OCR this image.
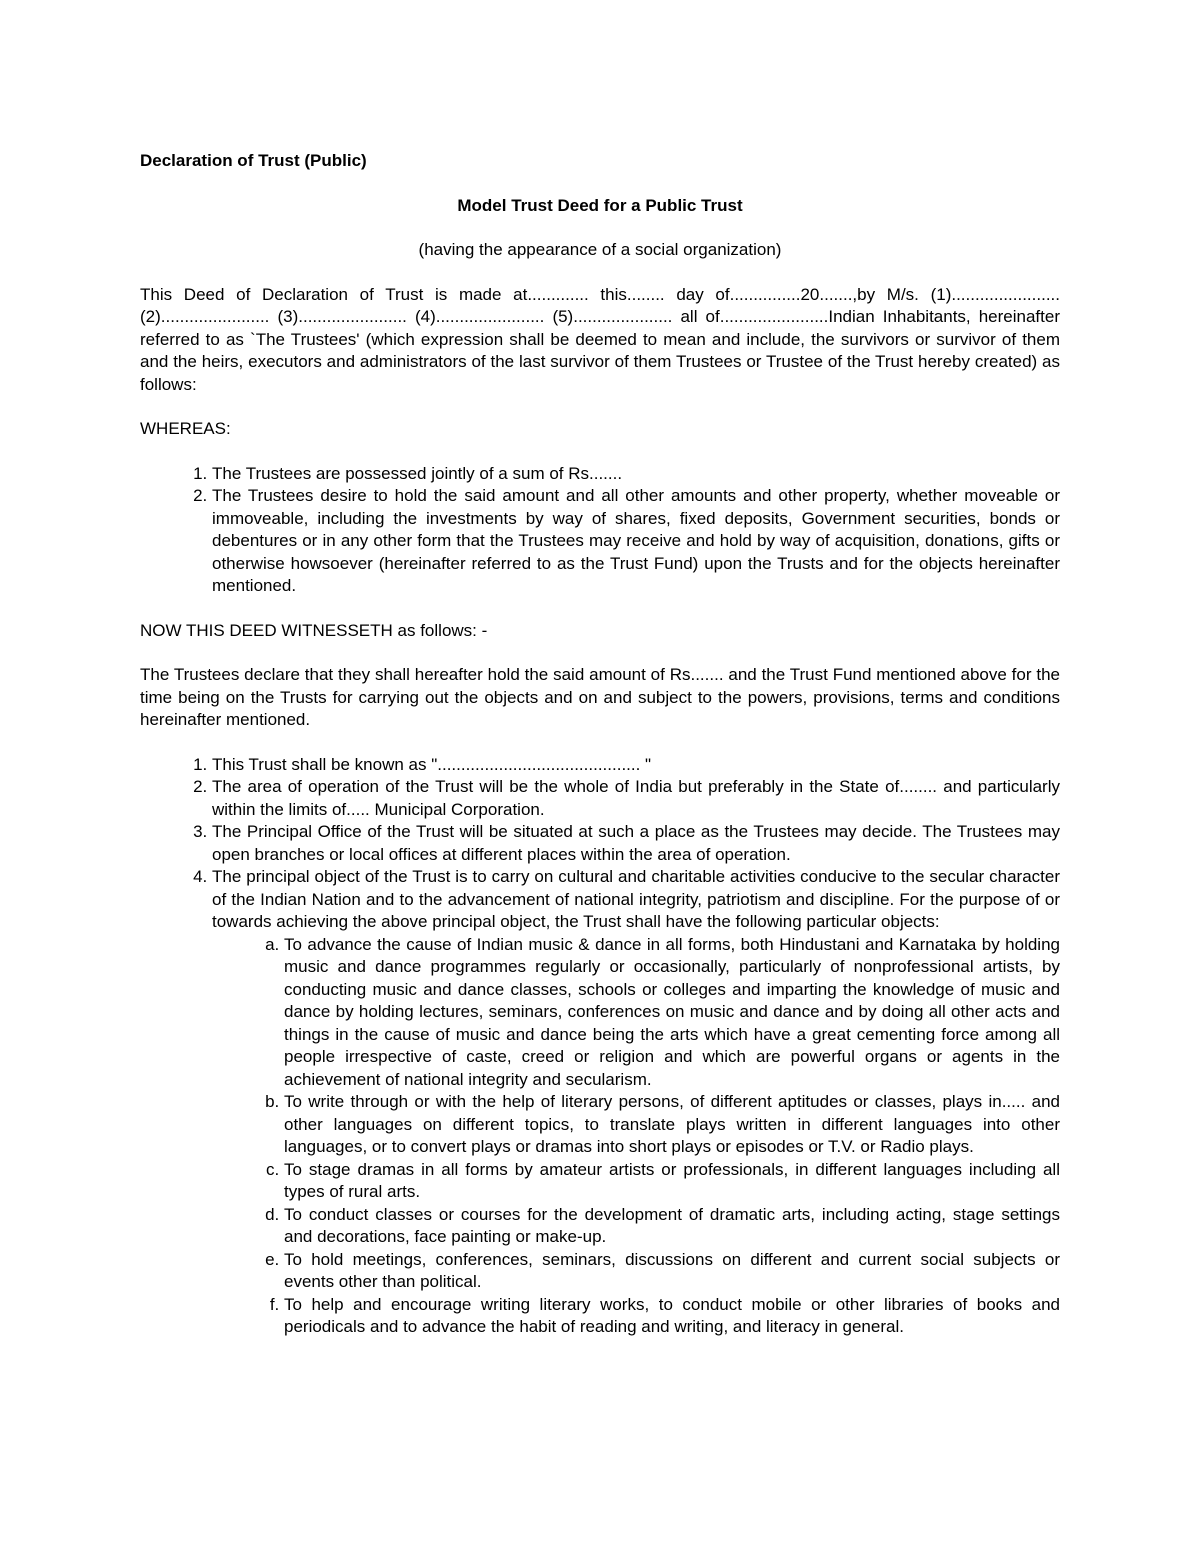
Declaration of Trust (Public)
Model Trust Deed for a Public Trust
(having the appearance of a social organization)

This Deed of Declaration of Trust is made at............. this........ day of...............20.......,by M/s. (1).......................(2)....................... (3)....................... (4)....................... (5)..................... all of.......................Indian Inhabitants, hereinafter referred to as `The Trustees' (which expression shall be deemed to mean and include, the survivors or survivor of them and the heirs, executors and administrators of the last survivor of them Trustees or Trustee of the Trust hereby created) as follows:

WHEREAS:
1. The Trustees are possessed jointly of a sum of Rs.......
2. The Trustees desire to hold the said amount and all other amounts and other property, whether moveable or immoveable, including the investments by way of shares, fixed deposits, Government securities, bonds or debentures or in any other form that the Trustees may receive and hold by way of acquisition, donations, gifts or otherwise howsoever (hereinafter referred to as the Trust Fund) upon the Trusts and for the objects hereinafter mentioned.
NOW THIS DEED WITNESSETH as follows: -

The Trustees declare that they shall hereafter hold the said amount of Rs....... and the Trust Fund mentioned above for the time being on the Trusts for carrying out the objects and on and subject to the powers, provisions, terms and conditions hereinafter mentioned.

1. This Trust shall be known as "........................................... "
2. The area of operation of the Trust will be the whole of India but preferably in the State of........ and particularly within the limits of..... Municipal Corporation.
3. The Principal Office of the Trust will be situated at such a place as the Trustees may decide. The Trustees may open branches or local offices at different places within the area of operation.
4. The principal object of the Trust is to carry on cultural and charitable activities conducive to the secular character of the Indian Nation and to the advancement of national integrity, patriotism and discipline. For the purpose of or towards achieving the above principal object, the Trust shall have the following particular objects:
a. To advance the cause of Indian music & dance in all forms, both Hindustani and Karnataka by holding music and dance programmes regularly or occasionally, particularly of nonprofessional artists, by conducting music and dance classes, schools or colleges and imparting the knowledge of music and dance by holding lectures, seminars, conferences on music and dance and by doing all other acts and things in the cause of music and dance being the arts which have a great cementing force among all people irrespective of caste, creed or religion and which are powerful organs or agents in the achievement of national integrity and secularism.
b. To write through or with the help of literary persons, of different aptitudes or classes, plays in..... and other languages on different topics, to translate plays written in different languages into other languages, or to convert plays or dramas into short plays or episodes or T.V. or Radio plays.
c. To stage dramas in all forms by amateur artists or professionals, in different languages including all types of rural arts.
d. To conduct classes or courses for the development of dramatic arts, including acting, stage settings and decorations, face painting or make-up.
e. To hold meetings, conferences, seminars, discussions on different and current social subjects or events other than political.
f. To help and encourage writing literary works, to conduct mobile or other libraries of books and periodicals and to advance the habit of reading and writing, and literacy in general.
